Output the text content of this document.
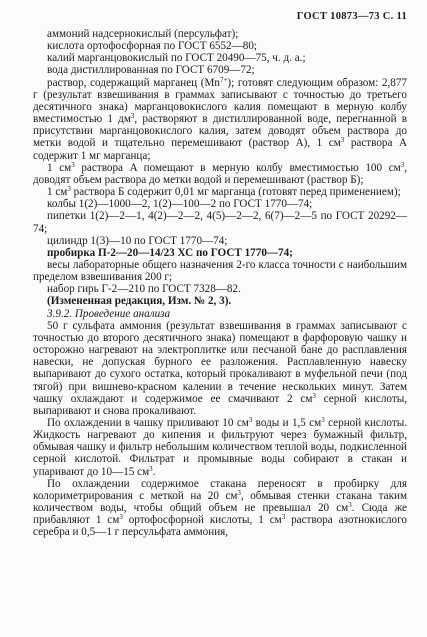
ГОСТ 10873—73 С. 11

аммоний надсернокислый (персульфат);

кислота ортофосфорная по ГОСТ 6552—80;

калий марганцовокислый по ГОСТ 20490—75, ч. д. а.;

вода дистиллированная по ГОСТ 6709—72;

раствор, содержащий марганец $(Mn^{7+})$; готовят следующим образом: 2,877 г (результат взвешивания в граммах записывают с точностью до третьего десятичного знака) марганцовокислого калия помещают в мерную колбу вместимостью 1 $дм^3$, растворяют в дистиллированной воде, перегнанной в присутствии марганцовокислого калия, затем доводят объем раствора до метки водой и тщательно перемешивают (раствор A), 1 $см^3$ раствора A содержит 1 мг марганца;

1 $см^3$ раствора A помещают в мерную колбу вместимостью 100 $см^3$, доводят объем раствора до метки водой и перемешивают (раствор Б);

1 $см^3$ раствора Б содержит 0,01 мг марганца (готовят перед применением);

колбы 1(2)—1000—2, 1(2)—100—2 по ГОСТ 1770—74;

пипетки 1(2)—2—1, 4(2)—2—2, 4(5)—2—2, 6(7)—2—5 по ГОСТ 20292—74;

цилиндр 1(3)—10 по ГОСТ 1770—74;

пробирка П-2—20—14/23 ХС по ГОСТ 1770—74;

весы лабораторные общего назначения 2-го класса точности с наибольшим пределом взвешивания 200 г;

набор гирь Г-2—210 по ГОСТ 7328—82.

(Измененная редакция, Изм. № 2, 3).

3.9.2. Проведение анализа

50 г сульфата аммония (результат взвешивания в граммах записывают с точностью до второго десятичного знака) помещают в фарфоровую чашку и осторожно нагревают на электроплитке или песчаной бане до расплавления навески, не допуская бурного ее разложения. Расплавленную навеску выпаривают до сухого остатка, который прокаливают в муфельной печи (под тягой) при вишнево-красном калении в течение нескольких минут. Затем чашку охлаждают и содержимое ее смачивают 2 $см^3$ серной кислоты, выпаривают и снова прокаливают.

По охлаждении в чашку приливают 10 $см^3$ воды и 1,5 $см^3$ серной кислоты. Жидкость нагревают до кипения и фильтруют через бумажный фильтр, обмывая чашку и фильтр небольшим количеством теплой воды, подкисленной серной кислотой. Фильтрат и промывные воды собирают в стакан и упаривают до 10—15 $см^3$.

По охлаждении содержимое стакана переносят в пробирку для колориметрирования с меткой на 20 $см^3$, обмывая стенки стакана таким количеством воды, чтобы общий объем не превышал 20 $см^3$. Сюда же прибавляют 1 $см^3$ ортофосфорной кислоты, 1 $см^3$ раствора азотнокислого серебра и 0,5—1 г персульфата аммония,
